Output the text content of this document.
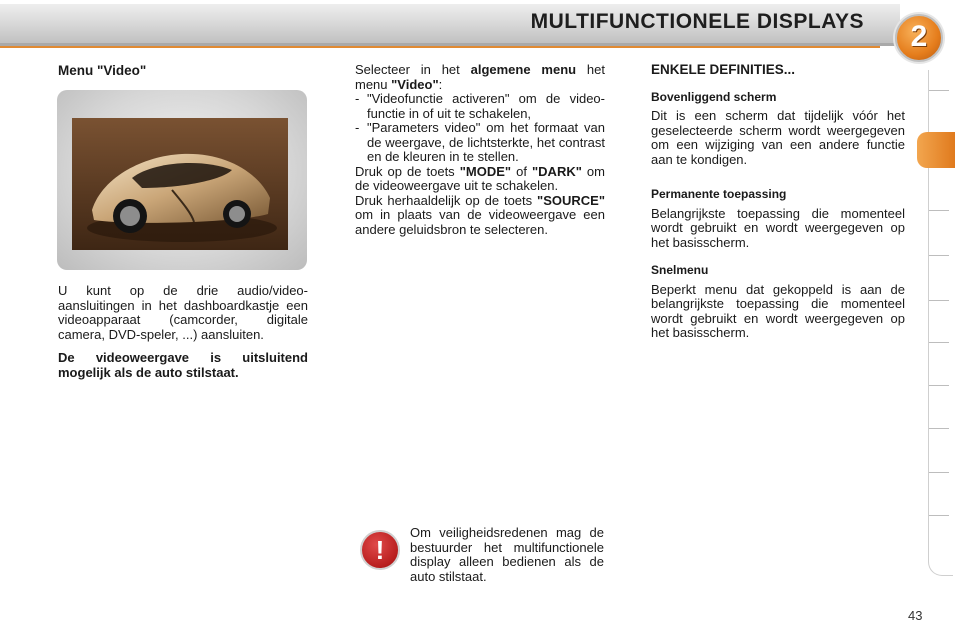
MULTIFUNCTIONELE DISPLAYS	2
Menu "Video"
U kunt op de drie audio/video-aansluitingen in het dashboardkastje een videoapparaat (camcorder, digitale camera, DVD-speler, ...) aansluiten.
De videoweergave is uitsluitend mogelijk als de auto stilstaat.

Selecteer in het algemene menu het menu "Video":

- "Videofunctie activeren" om de videofunctie in of uit te schakelen,
- "Parameters video" om het formaat van de weergave, de lichtsterkte, het contrast en de kleuren in te stellen.

Druk op de toets "MODE" of "DARK" om de videoweergave uit te schakelen.

Druk herhaaldelijk op de toets "SOURCE" om in plaats van de videoweergave een andere geluidsbron te selecteren.

!
Om veiligheidsredenen mag de bestuurder het multifunctionele display alleen bedienen als de auto stilstaat.
ENKELE DEFINITIES...
Bovenliggend scherm

Dit is een scherm dat tijdelijk vóór het geselecteerde scherm wordt weergegeven om een wijziging van een andere functie aan te kondigen.

Permanente toepassing

Belangrijkste toepassing die momenteel wordt gebruikt en wordt weergegeven op het basisscherm.

Snelmenu

Beperkt menu dat gekoppeld is aan de belangrijkste toepassing die momenteel wordt gebruikt en wordt weergegeven op het basisscherm.

43
